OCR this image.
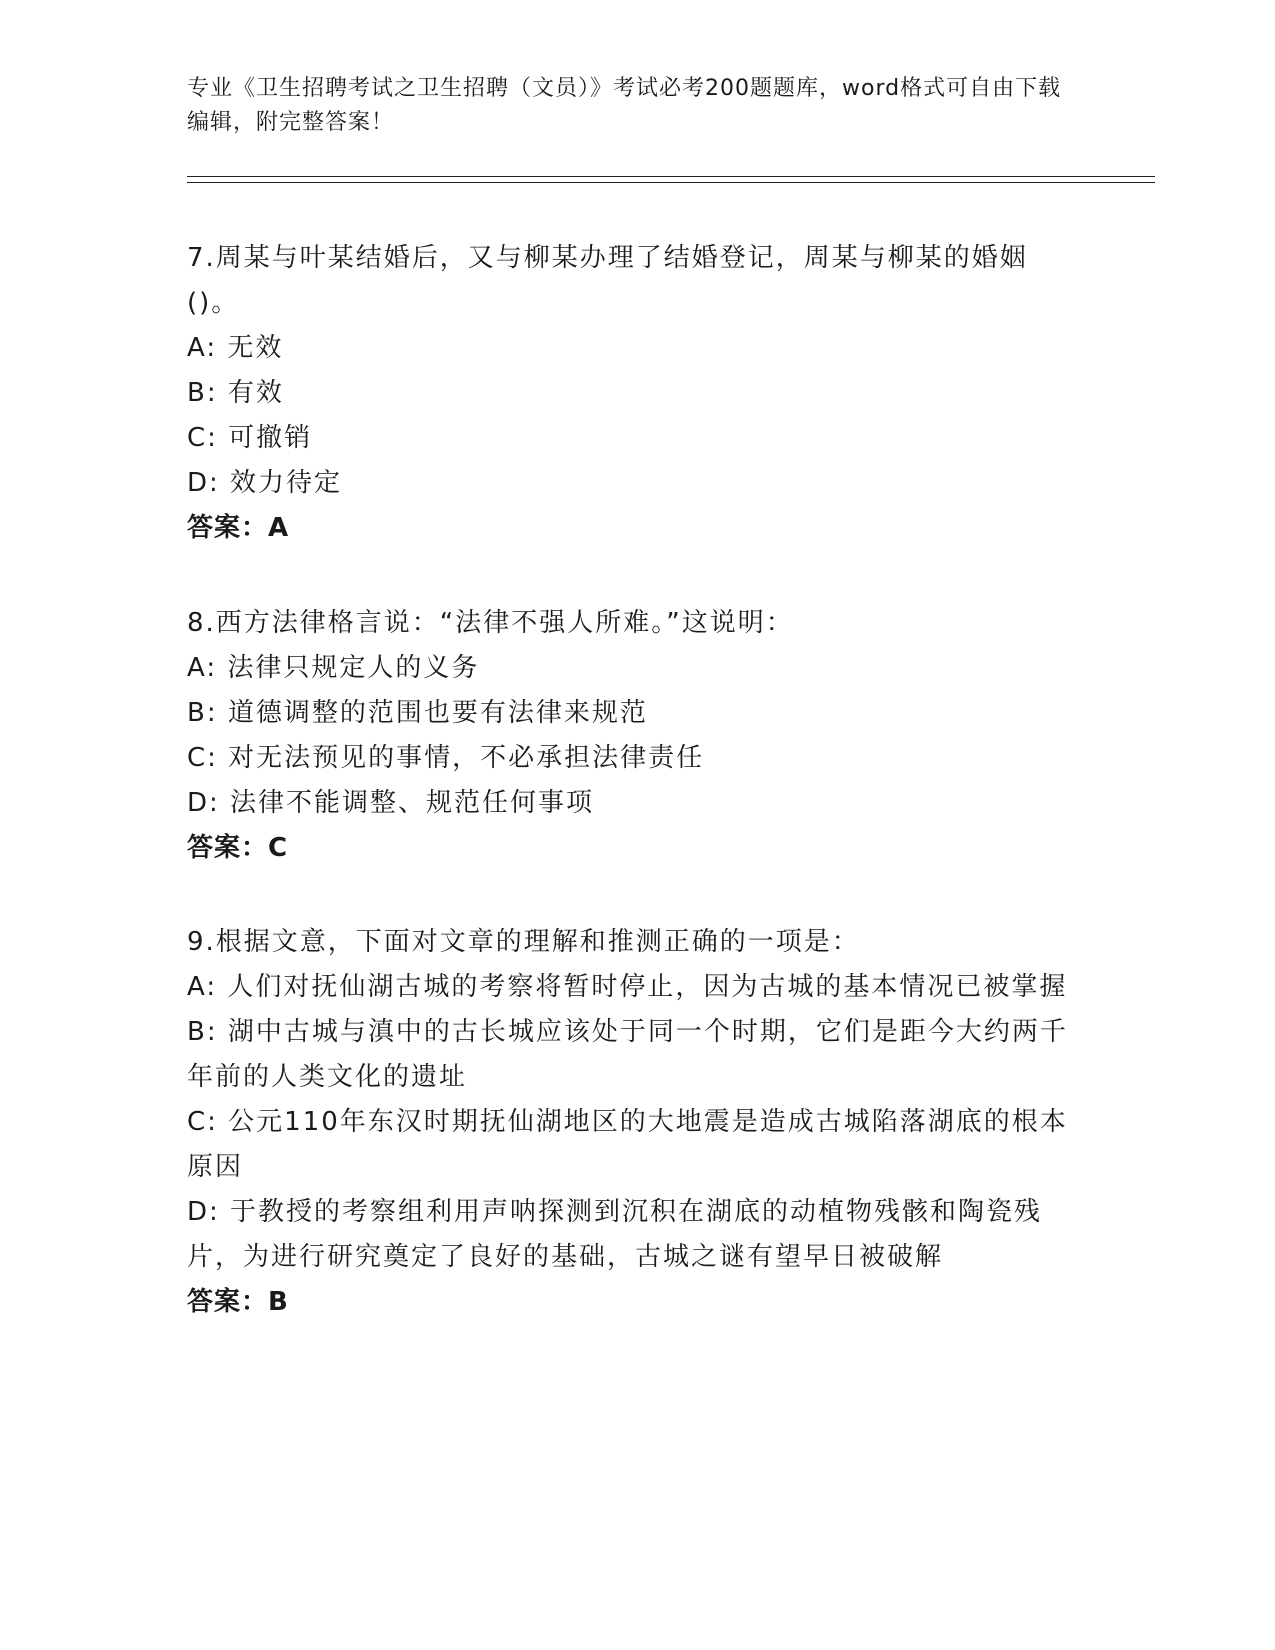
专业《卫生招聘考试之卫生招聘（文员）》考试必考200题题库，word格式可自由下载编辑，附完整答案！
7.周某与叶某结婚后，又与柳某办理了结婚登记，周某与柳某的婚姻()。
A: 无效
B: 有效
C: 可撤销
D: 效力待定
答案：A
8.西方法律格言说：“法律不强人所难。”这说明：
A: 法律只规定人的义务
B: 道德调整的范围也要有法律来规范
C: 对无法预见的事情，不必承担法律责任
D: 法律不能调整、规范任何事项
答案：C
9.根据文意，下面对文章的理解和推测正确的一项是：
A: 人们对抚仙湖古城的考察将暂时停止，因为古城的基本情况已被掌握
B: 湖中古城与滇中的古长城应该处于同一个时期，它们是距今大约两千年前的人类文化的遗址
C: 公元110年东汉时期抚仙湖地区的大地震是造成古城陷落湖底的根本原因
D: 于教授的考察组利用声呐探测到沉积在湖底的动植物残骸和陶瓷残片，为进行研究奠定了良好的基础，古城之谜有望早日被破解
答案：B
